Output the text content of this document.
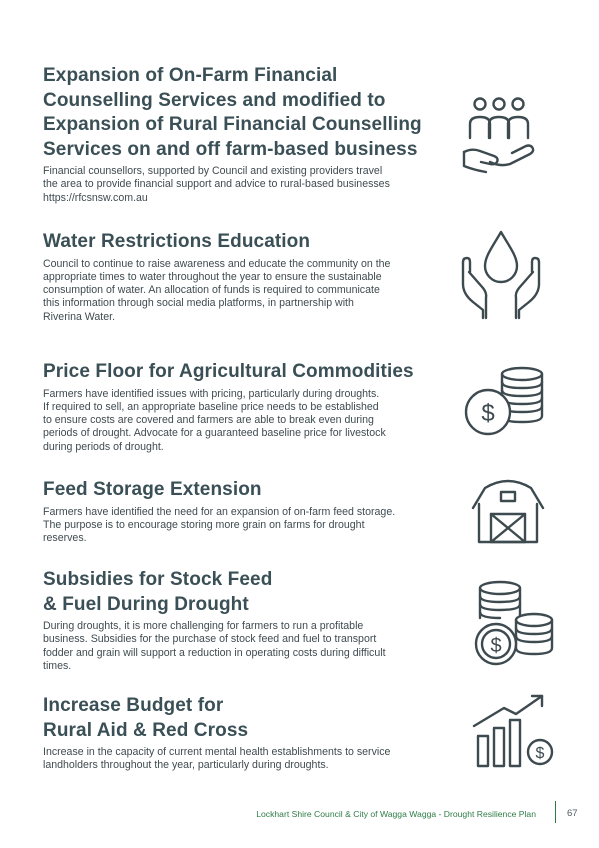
Expansion of On-Farm Financial
Counselling Services and modified to
Expansion of Rural Financial Counselling
Services on and off farm-based business

Financial counsellors, supported by Council and existing providers travel
the area to provide financial support and advice to rural-based businesses
https://rfcsnsw.com.au

Water Restrictions Education

Council to continue to raise awareness and educate the community on the
appropriate times to water throughout the year to ensure the sustainable
consumption of water. An allocation of funds is required to communicate
this information through social media platforms, in partnership with
Riverina Water.

Price Floor for Agricultural Commodities

Farmers have identified issues with pricing, particularly during droughts.
If required to sell, an appropriate baseline price needs to be established
to ensure costs are covered and farmers are able to break even during
periods of drought. Advocate for a guaranteed baseline price for livestock
during periods of drought.

$
Feed Storage Extension

Farmers have identified the need for an expansion of on-farm feed storage.
The purpose is to encourage storing more grain on farms for drought
reserves.

Subsidies for Stock Feed
& Fuel During Drought

During droughts, it is more challenging for farmers to run a profitable
business. Subsidies for the purchase of stock feed and fuel to transport
fodder and grain will support a reduction in operating costs during difficult
times.

$
Increase Budget for
Rural Aid & Red Cross

Increase in the capacity of current mental health establishments to service
landholders throughout the year, particularly during droughts.

$
Lockhart Shire Council & City of Wagga Wagga - Drought Resilience Plan	67
